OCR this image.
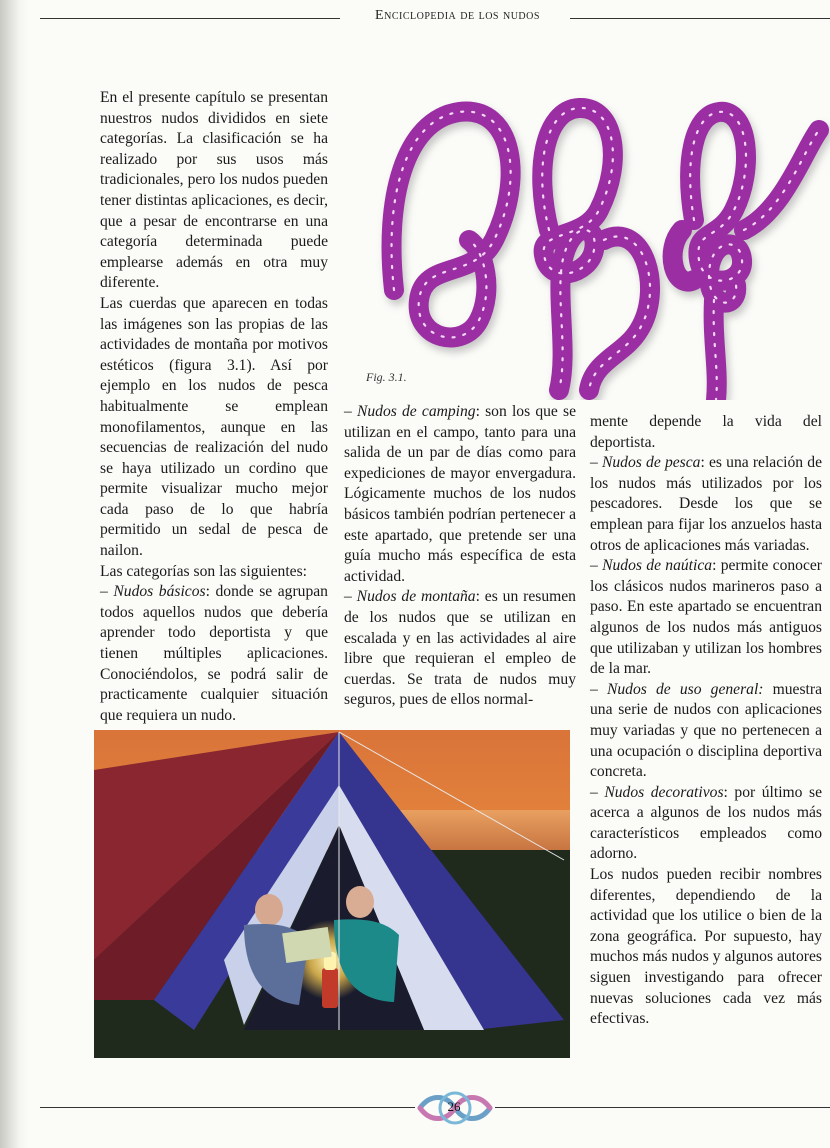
Enciclopedia de los nudos

En el presente capítulo se presentan nuestros nudos divididos en siete categorías. La clasificación se ha realizado por sus usos más tradicionales, pero los nudos pueden tener distintas aplicaciones, es decir, que a pesar de encontrarse en una categoría determinada puede emplearse además en otra muy diferente.

Las cuerdas que aparecen en todas las imágenes son las propias de las actividades de montaña por motivos estéticos (figura 3.1). Así por ejemplo en los nudos de pesca habitualmente se emplean monofilamentos, aunque en las secuencias de realización del nudo se haya utilizado un cordino que permite visualizar mucho mejor cada paso de lo que habría permitido un sedal de pesca de nailon.

Las categorías son las siguientes:

– Nudos básicos: donde se agrupan todos aquellos nudos que debería aprender todo deportista y que tienen múltiples aplicaciones. Conociéndolos, se podrá salir de practicamente cualquier situación que requiera un nudo.

Fig. 3.1.

– Nudos de camping: son los que se utilizan en el campo, tanto para una salida de un par de días como para expediciones de mayor envergadura. Lógicamente muchos de los nudos básicos también podrían pertenecer a este apartado, que pretende ser una guía mucho más específica de esta actividad.

– Nudos de montaña: es un resumen de los nudos que se utilizan en escalada y en las actividades al aire libre que requieran el empleo de cuerdas. Se trata de nudos muy seguros, pues de ellos normal-

mente depende la vida del deportista.

– Nudos de pesca: es una relación de los nudos más utilizados por los pescadores. Desde los que se emplean para fijar los anzuelos hasta otros de aplicaciones más variadas.

– Nudos de naútica: permite conocer los clásicos nudos marineros paso a paso. En este apartado se encuentran algunos de los nudos más antiguos que utilizaban y utilizan los hombres de la mar.

– Nudos de uso general: muestra una serie de nudos con aplicaciones muy variadas y que no pertenecen a una ocupación o disciplina deportiva concreta.

– Nudos decorativos: por último se acerca a algunos de los nudos más característicos empleados como adorno.

Los nudos pueden recibir nombres diferentes, dependiendo de la actividad que los utilice o bien de la zona geográfica. Por supuesto, hay muchos más nudos y algunos autores siguen investigando para ofrecer nuevas soluciones cada vez más efectivas.

26
